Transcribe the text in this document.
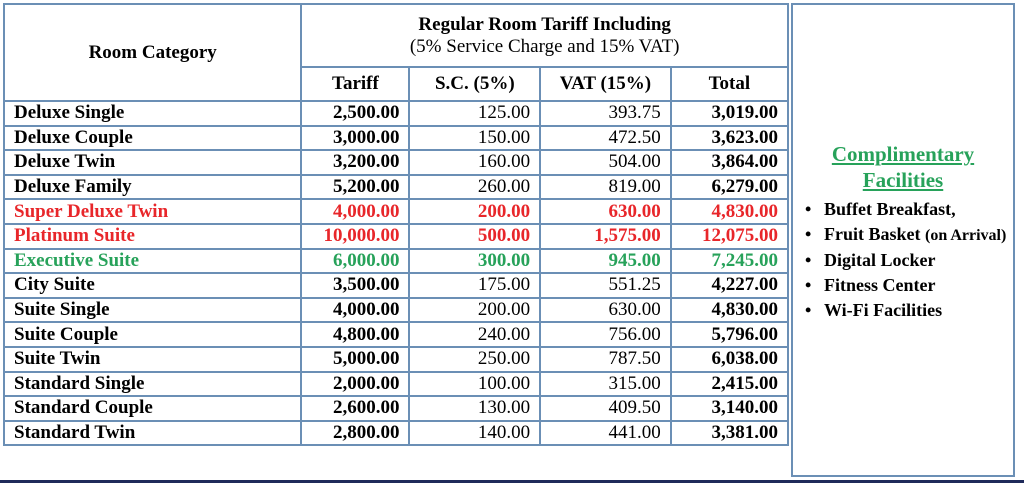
Room Category	Regular Room Tariff Including
(5% Service Charge and 15% VAT)			

	Tariff	S.C. (5%)	VAT (15%)	Total
Deluxe Single	2,500.00	125.00	393.75	3,019.00
Deluxe Couple	3,000.00	150.00	472.50	3,623.00
Deluxe Twin	3,200.00	160.00	504.00	3,864.00
Deluxe Family	5,200.00	260.00	819.00	6,279.00
Super Deluxe Twin	4,000.00	200.00	630.00	4,830.00
Platinum Suite	10,000.00	500.00	1,575.00	12,075.00
Executive Suite	6,000.00	300.00	945.00	7,245.00
City Suite	3,500.00	175.00	551.25	4,227.00
Suite Single	4,000.00	200.00	630.00	4,830.00
Suite Couple	4,800.00	240.00	756.00	5,796.00
Suite Twin	5,000.00	250.00	787.50	6,038.00
Standard Single	2,000.00	100.00	315.00	2,415.00
Standard Couple	2,600.00	130.00	409.50	3,140.00
Standard Twin	2,800.00	140.00	441.00	3,381.00
Complimentary
Facilities
• Buffet Breakfast,
• Fruit Basket (on Arrival)
• Digital Locker
• Fitness Center
• Wi-Fi Facilities
